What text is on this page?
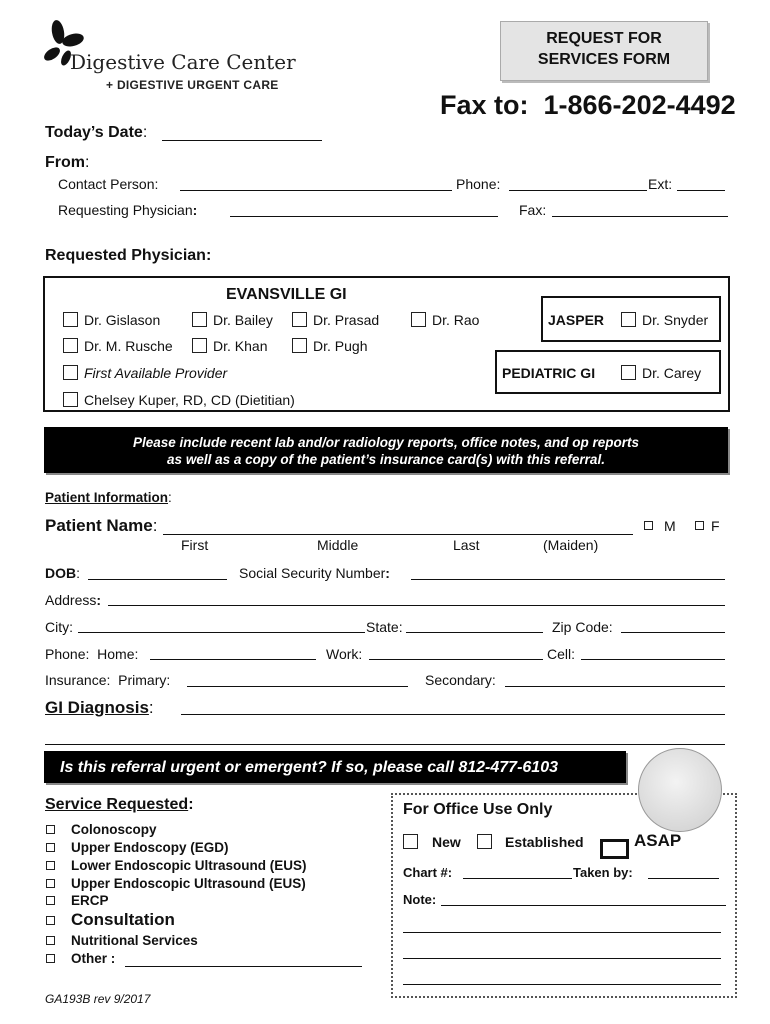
Digestive Care Center
+ DIGESTIVE URGENT CARE
REQUEST FOR
SERVICES FORM
Fax to:  1-866-202-4492
Today’s Date:
From:
Contact Person:	Phone:	Ext:
Requesting Physician:	Fax:
Requested Physician:
EVANSVILLE GI
Dr. Gislason	Dr. Bailey	Dr. Prasad	Dr. Rao
Dr. M. Rusche	Dr. Khan	Dr. Pugh
First Available Provider
Chelsey Kuper, RD, CD (Dietitian)
JASPER	Dr. Snyder
PEDIATRIC GI	Dr. Carey
Please include recent lab and/or radiology reports, office notes, and op reports
as well as a copy of the patient’s insurance card(s) with this referral.
Patient Information:
Patient Name:	M	F
First	Middle	Last	(Maiden)
DOB:	Social Security Number:
Address:
City:	State:	Zip Code:
Phone:  Home:	Work:	Cell:
Insurance:  Primary:	Secondary:
GI Diagnosis:
Is this referral urgent or emergent? If so, please call 812-477-6103
Service Requested:
Colonoscopy
Upper Endoscopy (EGD)
Lower Endoscopic Ultrasound (EUS)
Upper Endoscopic Ultrasound (EUS)
ERCP
Consultation
Nutritional Services
Other :
For Office Use Only
New	Established	ASAP
Chart #:	Taken by:
Note:
GA193B rev 9/2017
